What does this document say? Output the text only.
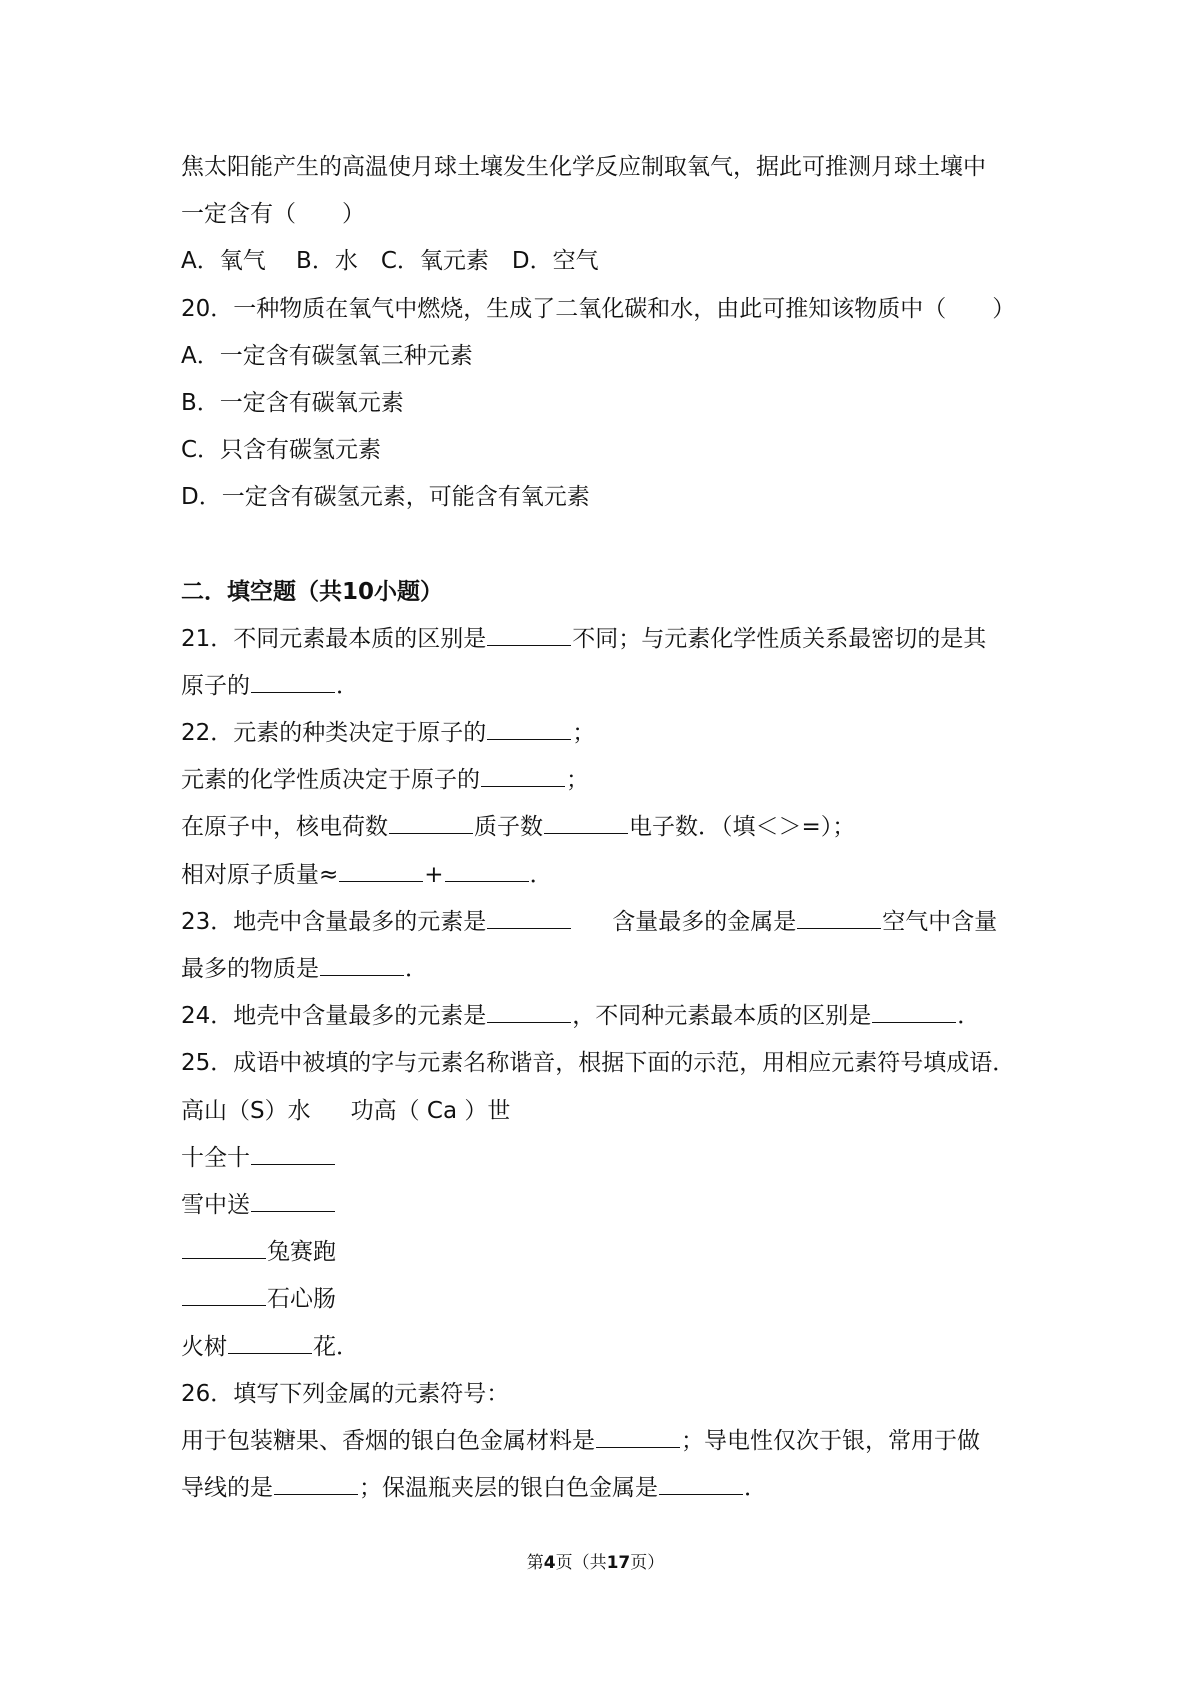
焦太阳能产生的高温使月球土壤发生化学反应制取氧气，据此可推测月球土壤中
一定含有（　　）
A．氧气　 B．水　C．氧元素　D．空气
20．一种物质在氧气中燃烧，生成了二氧化碳和水，由此可推知该物质中（　　）
A．一定含有碳氢氧三种元素
B．一定含有碳氧元素
C．只含有碳氢元素
D．一定含有碳氢元素，可能含有氧元素
二．填空题（共10小题）
21．不同元素最本质的区别是	不同；与元素化学性质关系最密切的是其
原子的	．
22．元素的种类决定于原子的	；
元素的化学性质决定于原子的	；
在原子中，核电荷数	质子数	电子数．（填＜＞=）；
相对原子质量≈	+	．
23．地壳中含量最多的元素是	含量最多的金属是	空气中含量
最多的物质是	．
24．地壳中含量最多的元素是	，不同种元素最本质的区别是	．
25．成语中被填的字与元素名称谐音，根据下面的示范，用相应元素符号填成语．
高山（S）水 功高（ Ca ）世
十全十
雪中送
兔赛跑
石心肠
火树	花．
26．填写下列金属的元素符号：
用于包装糖果、香烟的银白色金属材料是	；导电性仅次于银，常用于做
导线的是	；保温瓶夹层的银白色金属是	．
第4页（共17页）
